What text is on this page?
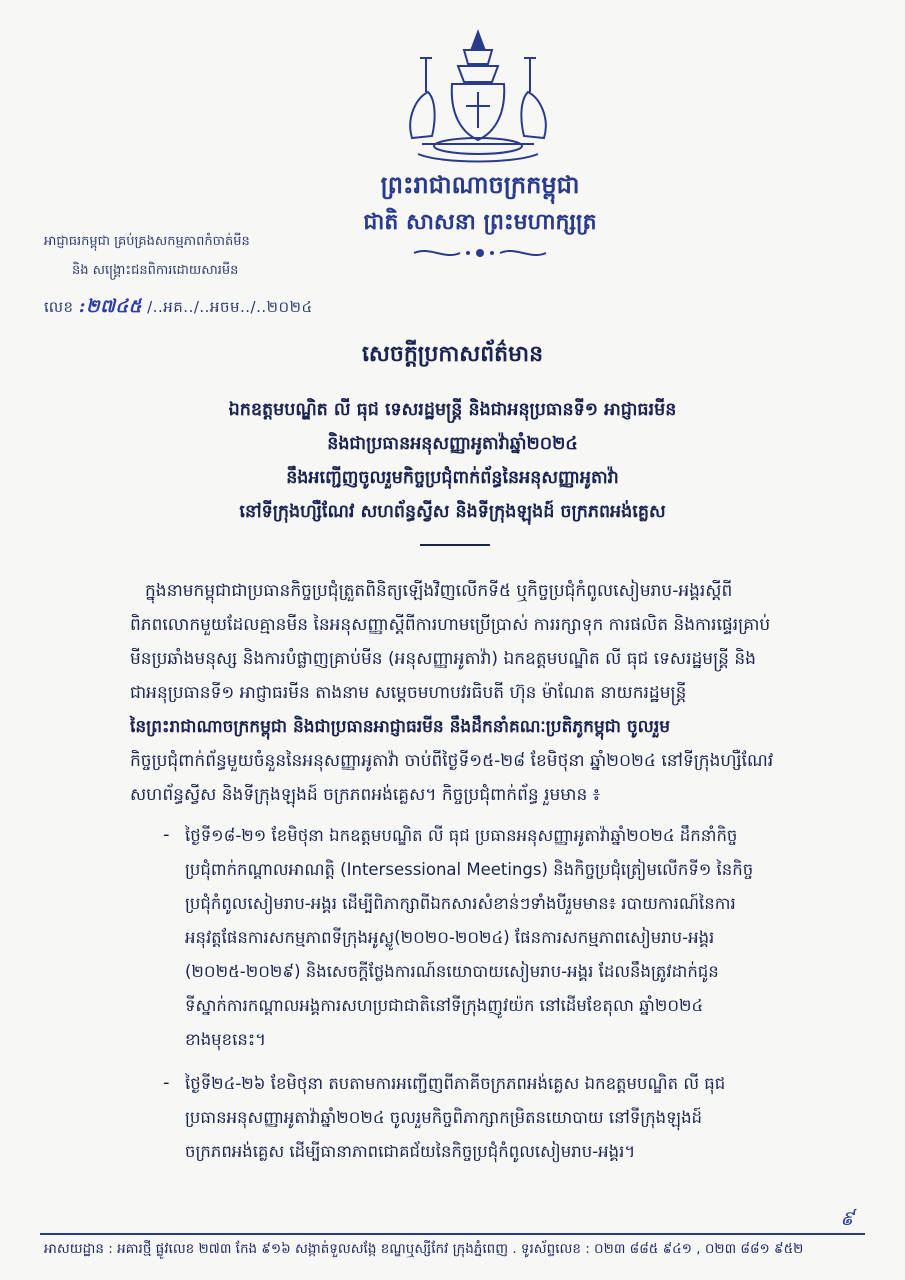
ព្រះរាជាណាចក្រកម្ពុជា
ជាតិ សាសនា ព្រះមហាក្សត្រ
អាជ្ញាធរកម្ពុជា គ្រប់គ្រងសកម្មភាពកំចាត់មីន
និង សង្គ្រោះជនពិការដោយសារមីន
លេខ :២៧៤៥ /..អគ../..អចម../..២០២៤
សេចក្តីប្រកាសព័ត៌មាន
ឯកឧត្តមបណ្ឌិត លី ធុជ ទេសរដ្ឋមន្ត្រី និងជាអនុប្រធានទី១ អាជ្ញាធរមីន
និងជាប្រធានអនុសញ្ញាអូតាវ៉ាឆ្នាំ២០២៤
នឹងអញ្ជើញចូលរួមកិច្ចប្រជុំពាក់ព័ន្ធនៃអនុសញ្ញាអូតាវ៉ា
នៅទីក្រុងហ្សឺណែវ សហព័ន្ធស្វីស និងទីក្រុងឡុងដ៍ ចក្រភពអង់គ្លេស
ក្នុងនាមកម្ពុជាជាប្រធានកិច្ចប្រជុំត្រួតពិនិត្យឡើងវិញលើកទី៥ ឬកិច្ចប្រជុំកំពូលសៀមរាប-អង្គរស្តីពី
ពិភពលោកមួយដែលគ្មានមីន នៃអនុសញ្ញាស្តីពីការហាមប្រើប្រាស់ ការរក្សាទុក ការផលិត និងការផ្ទេរគ្រាប់
មីនប្រឆាំងមនុស្ស និងការបំផ្លាញគ្រាប់មីន (អនុសញ្ញាអូតាវ៉ា) ឯកឧត្តមបណ្ឌិត លី ធុជ ទេសរដ្ឋមន្ត្រី និង
ជាអនុប្រធានទី១ អាជ្ញាធរមីន តាងនាម សម្តេចមហាបវរធិបតី ហ៊ុន ម៉ាណែត នាយករដ្ឋមន្ត្រី
នៃព្រះរាជាណាចក្រកម្ពុជា និងជាប្រធានអាជ្ញាធរមីន នឹងដឹកនាំគណៈប្រតិភូកម្ពុជា ចូលរួម
កិច្ចប្រជុំពាក់ព័ន្ធមួយចំនួននៃអនុសញ្ញាអូតាវ៉ា ចាប់ពីថ្ងៃទី១៥-២៨ ខែមិថុនា ឆ្នាំ២០២៤ នៅទីក្រុងហ្សឺណែវ
សហព័ន្ធស្វីស និងទីក្រុងឡុងដ៍ ចក្រភពអង់គ្លេស។ កិច្ចប្រជុំពាក់ព័ន្ធ រួមមាន ៖
- ថ្ងៃទី១៨-២១ ខែមិថុនា ឯកឧត្តមបណ្ឌិត លី ធុជ ប្រធានអនុសញ្ញាអូតាវ៉ាឆ្នាំ២០២៤ ដឹកនាំកិច្ច
ប្រជុំពាក់កណ្តាលអាណត្តិ (Intersessional Meetings) និងកិច្ចប្រជុំត្រៀមលើកទី១ នៃកិច្ច
ប្រជុំកំពូលសៀមរាប-អង្គរ ដើម្បីពិភាក្សាពីឯកសារសំខាន់ៗទាំងបីរួមមាន៖ របាយការណ៍នៃការ
អនុវត្តផែនការសកម្មភាពទីក្រុងអូស្លូ(២០២០-២០២៤) ផែនការសកម្មភាពសៀមរាប-អង្គរ
(២០២៥-២០២៩) និងសេចក្តីថ្លែងការណ៍នយោបាយសៀមរាប-អង្គរ ដែលនឹងត្រូវដាក់ជូន
ទីស្នាក់ការកណ្តាលអង្គការសហប្រជាជាតិនៅទីក្រុងញូវយ៉ក នៅដើមខែតុលា ឆ្នាំ២០២៤
ខាងមុខនេះ។
- ថ្ងៃទី២៤-២៦ ខែមិថុនា តបតាមការអញ្ជើញពីភាគីចក្រភពអង់គ្លេស ឯកឧត្តមបណ្ឌិត លី ធុជ
ប្រធានអនុសញ្ញាអូតាវ៉ាឆ្នាំ២០២៤ ចូលរួមកិច្ចពិភាក្សាកម្រិតនយោបាយ នៅទីក្រុងឡុងដ៍
ចក្រភពអង់គ្លេស ដើម្បីធានាភាពជោគជ័យនៃកិច្ចប្រជុំកំពូលសៀមរាប-អង្គរ។
៩
អាសយដ្ឋាន : អគារថ្មី ផ្លូវលេខ ២៧៣ កែង ៩១៦ សង្កាត់ទួលសង្កែ ខណ្ឌឬស្សីកែវ ក្រុងភ្នំពេញ . ទូរស័ព្ទលេខ : ០២៣ ៨៨៥ ៩៤១ , ០២៣ ៨៨១ ៩៥២
